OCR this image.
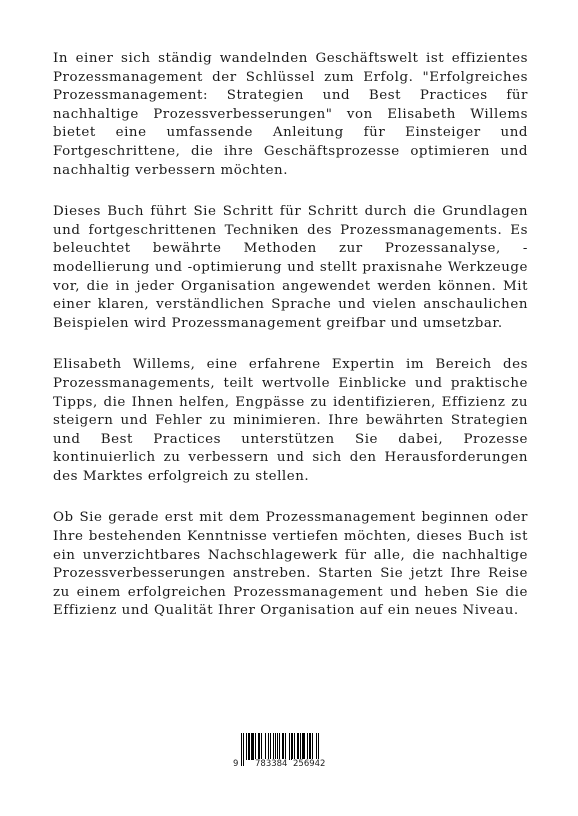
In einer sich ständig wandelnden Geschäftswelt ist effizientes Prozessmanagement der Schlüssel zum Erfolg. "Erfolgreiches Prozessmanagement: Strategien und Best Practices für nachhaltige Prozessverbesserungen" von Elisabeth Willems bietet eine umfassende Anleitung für Einsteiger und Fortgeschrittene, die ihre Geschäftsprozesse optimieren und nachhaltig verbessern möchten.

Dieses Buch führt Sie Schritt für Schritt durch die Grundlagen und fortgeschrittenen Techniken des Prozessmanagements. Es beleuchtet bewährte Methoden zur Prozessanalyse, -modellierung und -optimierung und stellt praxisnahe Werkzeuge vor, die in jeder Organisation angewendet werden können. Mit einer klaren, verständlichen Sprache und vielen anschaulichen Beispielen wird Prozessmanagement greifbar und umsetzbar.

Elisabeth Willems, eine erfahrene Expertin im Bereich des Prozessmanagements, teilt wertvolle Einblicke und praktische Tipps, die Ihnen helfen, Engpässe zu identifizieren, Effizienz zu steigern und Fehler zu minimieren. Ihre bewährten Strategien und Best Practices unterstützen Sie dabei, Prozesse kontinuierlich zu verbessern und sich den Herausforderungen des Marktes erfolgreich zu stellen.

Ob Sie gerade erst mit dem Prozessmanagement beginnen oder Ihre bestehenden Kenntnisse vertiefen möchten, dieses Buch ist ein unverzichtbares Nachschlagewerk für alle, die nachhaltige Prozessverbesserungen anstreben. Starten Sie jetzt Ihre Reise zu einem erfolgreichen Prozessmanagement und heben Sie die Effizienz und Qualität Ihrer Organisation auf ein neues Niveau.

9 783384 256942
